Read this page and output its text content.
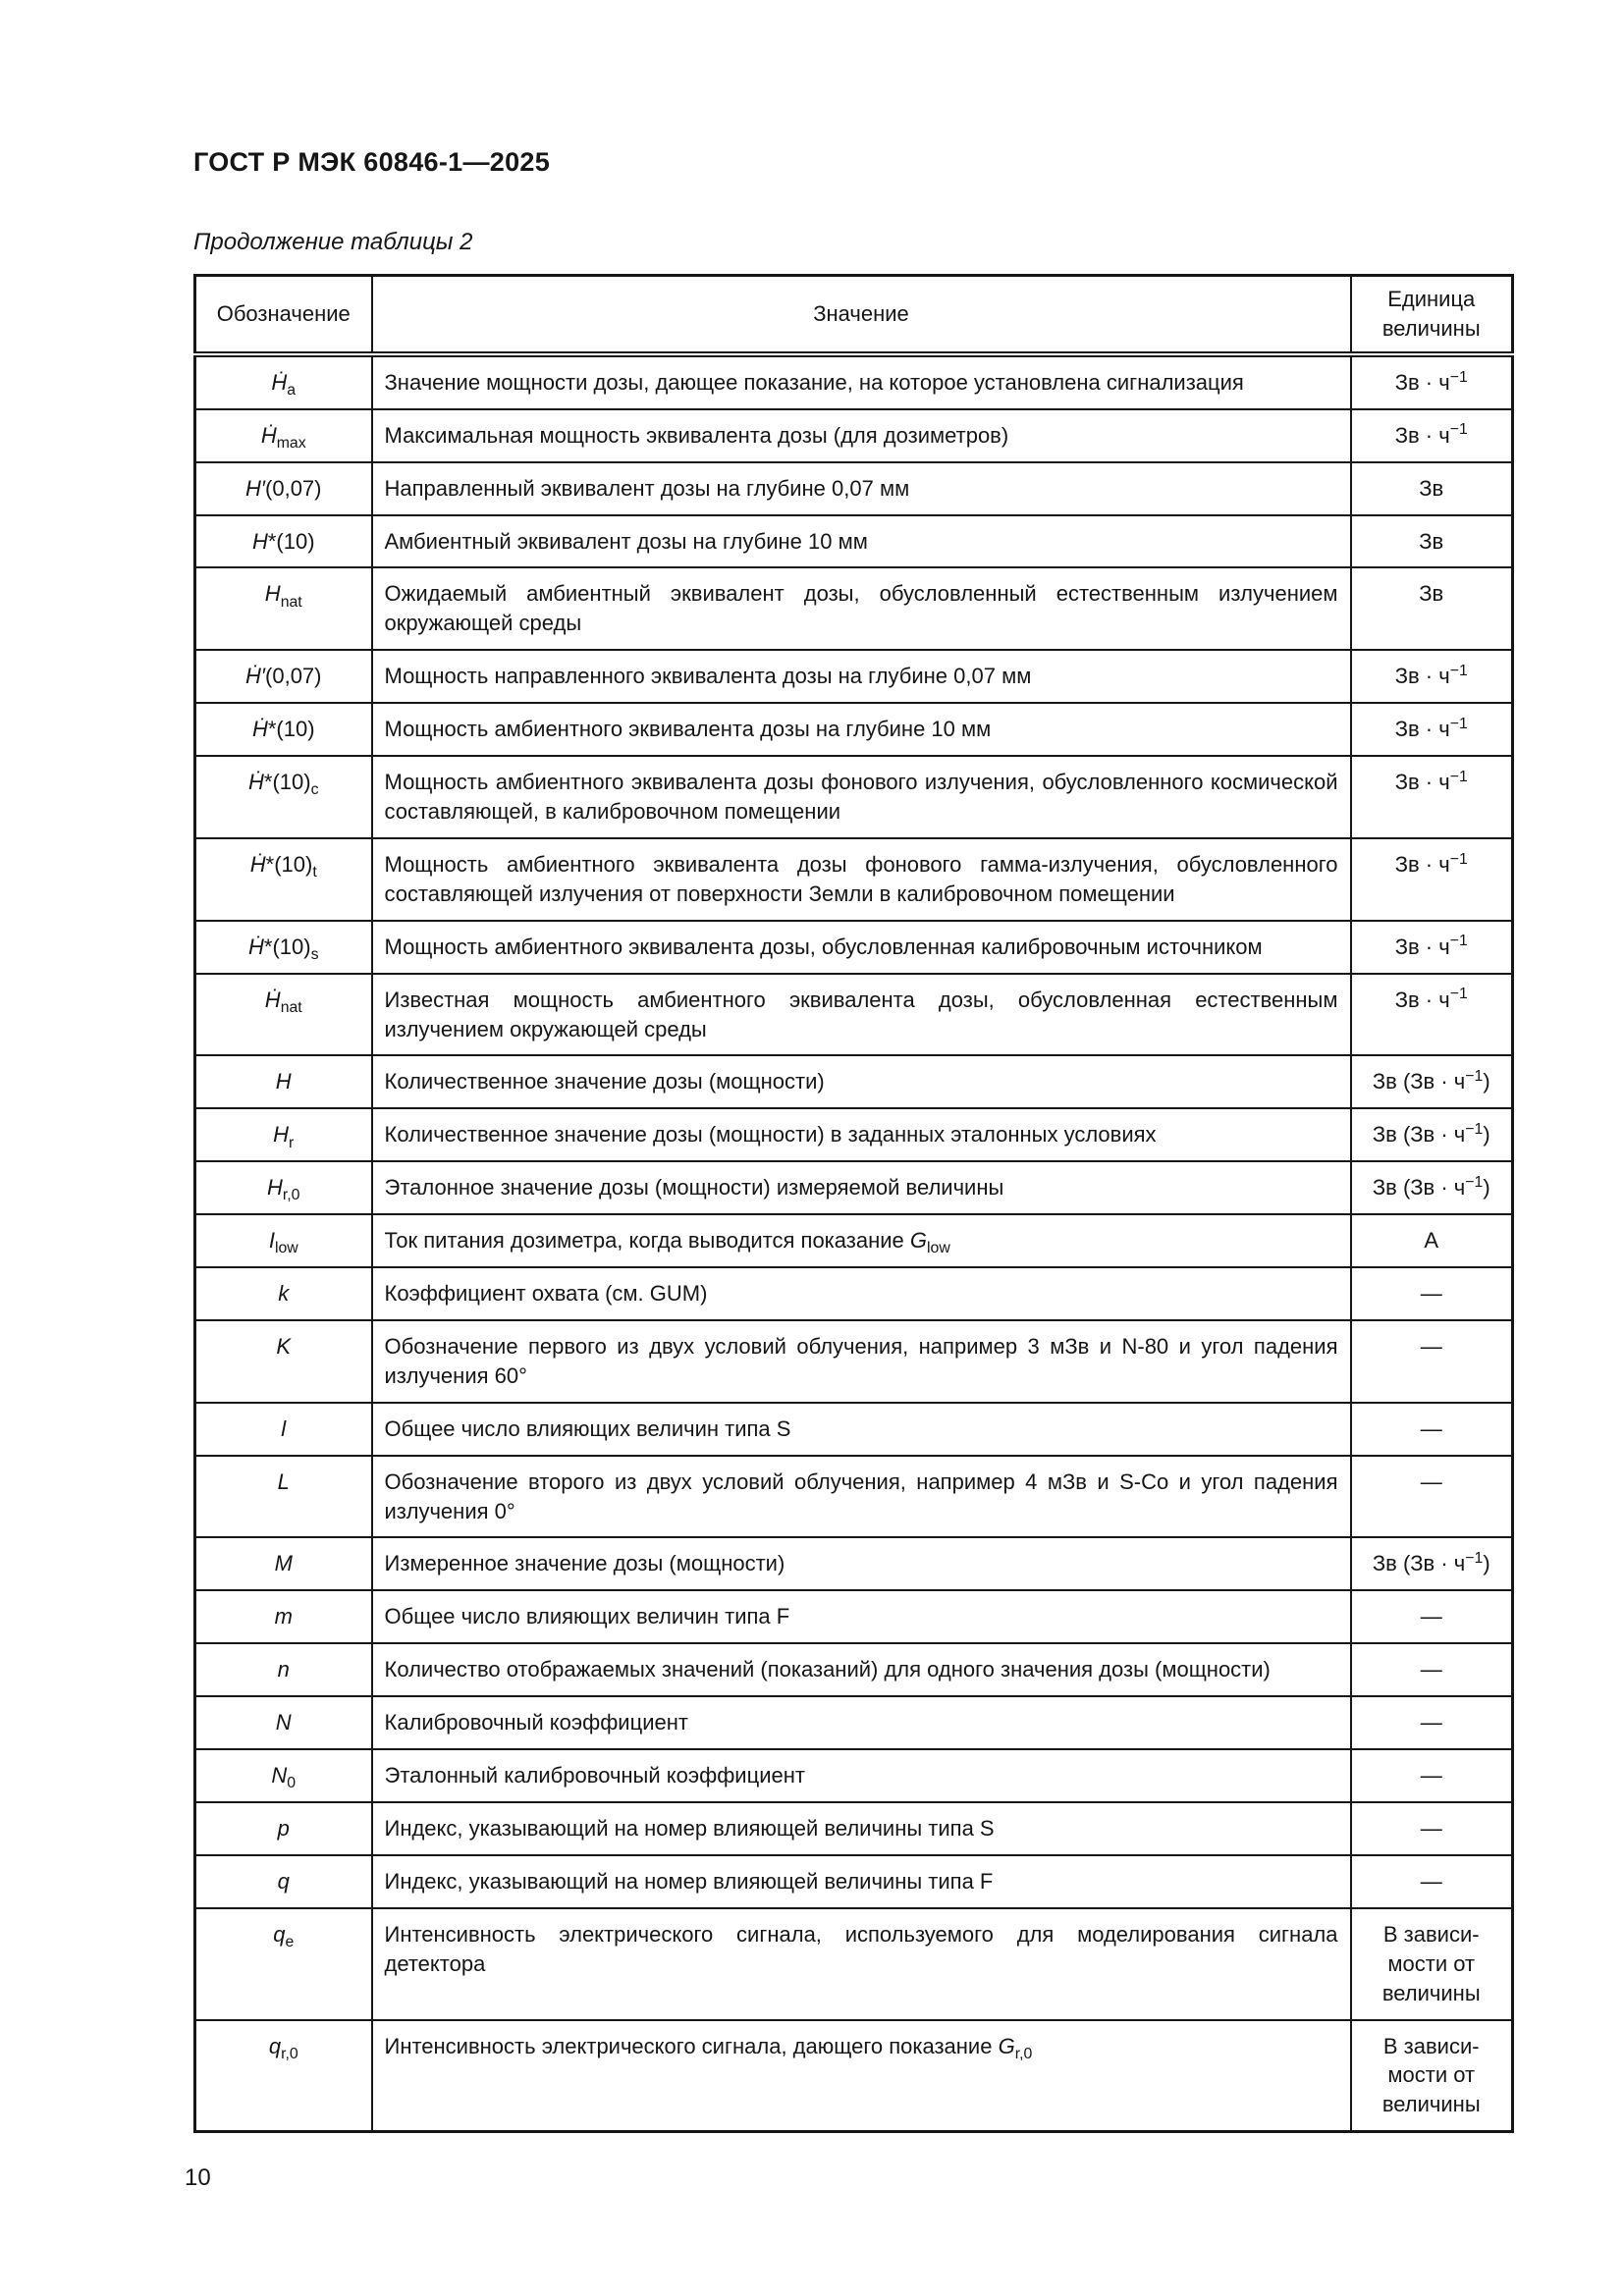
ГОСТ Р МЭК 60846-1—2025
Продолжение таблицы 2
Обозначение	Значение	Единица величины
Ḣ$_a$	Значение мощности дозы, дающее показание, на которое установлена сигнализация	Зв · $ч^{-1}$
Ḣ$_{max}$	Максимальная мощность эквивалента дозы (для дозиметров)	Зв · $ч^{-1}$
H′(0,07)	Направленный эквивалент дозы на глубине 0,07 мм	Зв
H*(10)	Амбиентный эквивалент дозы на глубине 10 мм	Зв
$H_{nat}$	Ожидаемый амбиентный эквивалент дозы, обусловленный естественным излучением окружающей среды	Зв
Ḣ′(0,07)	Мощность направленного эквивалента дозы на глубине 0,07 мм	Зв · $ч^{-1}$
Ḣ*(10)	Мощность амбиентного эквивалента дозы на глубине 10 мм	Зв · $ч^{-1}$
$Ḣ*(10)_c$	Мощность амбиентного эквивалента дозы фонового излучения, обусловленного космической составляющей, в калибровочном помещении	Зв · $ч^{-1}$
$Ḣ*(10)_t$	Мощность амбиентного эквивалента дозы фонового гамма-излучения, обусловленного составляющей излучения от поверхности Земли в калибровочном помещении	Зв · $ч^{-1}$
$Ḣ*(10)_s$	Мощность амбиентного эквивалента дозы, обусловленная калибровочным источником	Зв · $ч^{-1}$
Ḣ$_{nat}$	Известная мощность амбиентного эквивалента дозы, обусловленная естественным излучением окружающей среды	Зв · $ч^{-1}$
H	Количественное значение дозы (мощности)	Зв $(Зв \cdot ч^{-1})$
$H_r$	Количественное значение дозы (мощности) в заданных эталонных условиях	Зв $(Зв \cdot ч^{-1})$
$H_{r,0}$	Эталонное значение дозы (мощности) измеряемой величины	Зв $(Зв \cdot ч^{-1})$
$I_{low}$	Ток питания дозиметра, когда выводится показание $G_{low}$	А
k	Коэффициент охвата (см. GUM)	—
K	Обозначение первого из двух условий облучения, например 3 мЗв и N-80 и угол падения излучения 60°	—
l	Общее число влияющих величин типа S	—
L	Обозначение второго из двух условий облучения, например 4 мЗв и S-Co и угол падения излучения 0°	—
M	Измеренное значение дозы (мощности)	Зв $(Зв \cdot ч^{-1})$
m	Общее число влияющих величин типа F	—
n	Количество отображаемых значений (показаний) для одного значения дозы (мощности)	—
N	Калибровочный коэффициент	—
$N_0$	Эталонный калибровочный коэффициент	—
p	Индекс, указывающий на номер влияющей величины типа S	—
q	Индекс, указывающий на номер влияющей величины типа F	—
$q_e$	Интенсивность электрического сигнала, используемого для моделирования сигнала детектора	В зависи-
мости от
величины
$q_{r,0}$	Интенсивность электрического сигнала, дающего показание $G_{r,0}$	В зависи-
мости от
величины
10
